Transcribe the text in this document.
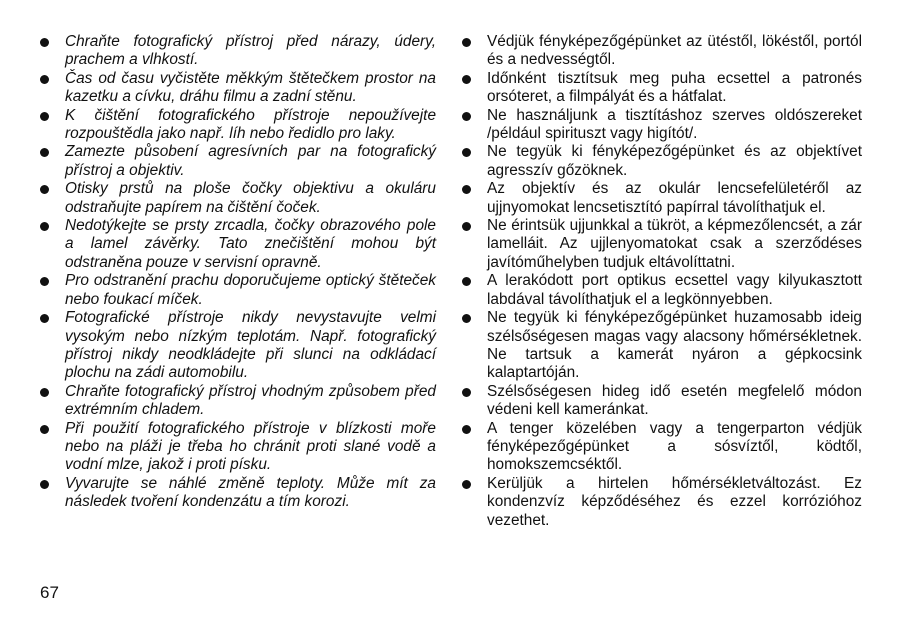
Chraňte fotografický přístroj před nárazy, údery, prachem a vlhkostí.
Čas od času vyčistěte měkkým štětečkem prostor na kazetku a cívku, dráhu filmu a zadní stěnu.
K čištění fotografického přístroje nepoužívejte rozpouštědla jako např. líh nebo ředidlo pro laky.
Zamezte působení agresívních par na fotografický přístroj a objektiv.
Otisky prstů na ploše čočky objektivu a okuláru odstraňujte papírem na čištění čoček.
Nedotýkejte se prsty zrcadla, čočky obrazového pole a lamel závěrky. Tato znečištění mohou být odstraněna pouze v servisní opravně.
Pro odstranění prachu doporučujeme optický štěteček nebo foukací míček.
Fotografické přístroje nikdy nevystavujte velmi vysokým nebo nízkým teplotám. Např. fotografický přístroj nikdy neodkládejte při slunci na odkládací plochu na zádi automobilu.
Chraňte fotografický přístroj vhodným způsobem před extrémním chladem.
Při použití fotografického přístroje v blízkosti moře nebo na pláži je třeba ho chránit proti slané vodě a vodní mlze, jakož i proti písku.
Vyvarujte se náhlé změně teploty. Může mít za následek tvoření kondenzátu a tím korozi.
Védjük fényképezőgépünket az ütéstől, lökéstől, portól és a nedvességtől.
Időnként tisztítsuk meg puha ecsettel a patronés orsóteret, a filmpályát és a hátfalat.
Ne használjunk a tisztításhoz szerves oldószereket /például spirituszt vagy higítót/.
Ne tegyük ki fényképezőgépünket és az objektívet agresszív gőzöknek.
Az objektív és az okulár lencsefelületéről az ujjnyomokat lencsetisztító papírral távolíthatjuk el.
Ne érintsük ujjunkkal a tükröt, a képmezőlencsét, a zár lamelláit. Az ujjlenyomatokat csak a szerződéses javítóműhelyben tudjuk eltávolíttatni.
A lerakódott port optikus ecsettel vagy kilyukasztott labdával távolíthatjuk el a legkönnyebben.
Ne tegyük ki fényképezőgépünket huzamosabb ideig szélsőségesen magas vagy alacsony hőmérsékletnek. Ne tartsuk a kamerát nyáron a gépkocsink kalaptartóján.
Szélsőségesen hideg idő esetén megfelelő módon védeni kell kameránkat.
A tenger közelében vagy a tengerparton védjük fényképezőgépünket a sósvíztől, ködtől, homokszemcséktől.
Kerüljük a hirtelen hőmérsékletváltozást. Ez kondenzvíz képződéséhez és ezzel korrózióhoz vezethet.
67
